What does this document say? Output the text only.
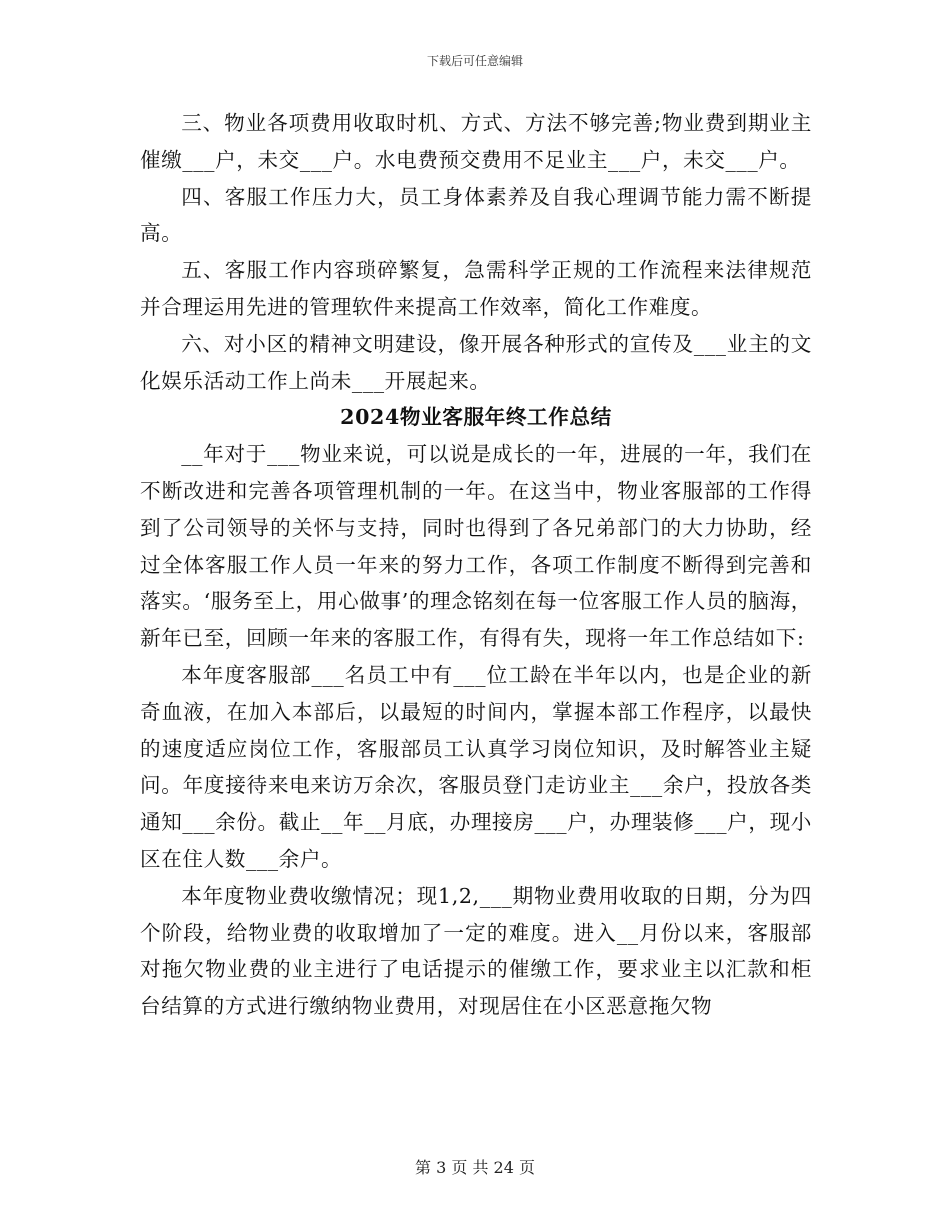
下载后可任意编辑

三、物业各项费用收取时机、方式、方法不够完善;物业费到期业主催缴___户，未交___户。水电费预交费用不足业主___户，未交___户。

四、客服工作压力大，员工身体素养及自我心理调节能力需不断提高。

五、客服工作内容琐碎繁复，急需科学正规的工作流程来法律规范并合理运用先进的管理软件来提高工作效率，简化工作难度。

六、对小区的精神文明建设，像开展各种形式的宣传及___业主的文化娱乐活动工作上尚未___开展起来。

2024物业客服年终工作总结

__年对于___物业来说，可以说是成长的一年，进展的一年，我们在不断改进和完善各项管理机制的一年。在这当中，物业客服部的工作得到了公司领导的关怀与支持，同时也得到了各兄弟部门的大力协助，经过全体客服工作人员一年来的努力工作，各项工作制度不断得到完善和落实。‘服务至上，用心做事’的理念铭刻在每一位客服工作人员的脑海，新年已至，回顾一年来的客服工作，有得有失，现将一年工作总结如下:

本年度客服部___名员工中有___位工龄在半年以内，也是企业的新奇血液，在加入本部后，以最短的时间内，掌握本部工作程序，以最快的速度适应岗位工作，客服部员工认真学习岗位知识，及时解答业主疑问。年度接待来电来访万余次，客服员登门走访业主___余户，投放各类通知___余份。截止__年__月底，办理接房___户，办理装修___户，现小区在住人数___余户。

本年度物业费收缴情况；现1,2,___期物业费用收取的日期，分为四个阶段，给物业费的收取增加了一定的难度。进入__月份以来，客服部对拖欠物业费的业主进行了电话提示的催缴工作，要求业主以汇款和柜台结算的方式进行缴纳物业费用，对现居住在小区恶意拖欠物

第 3 页 共 24 页
